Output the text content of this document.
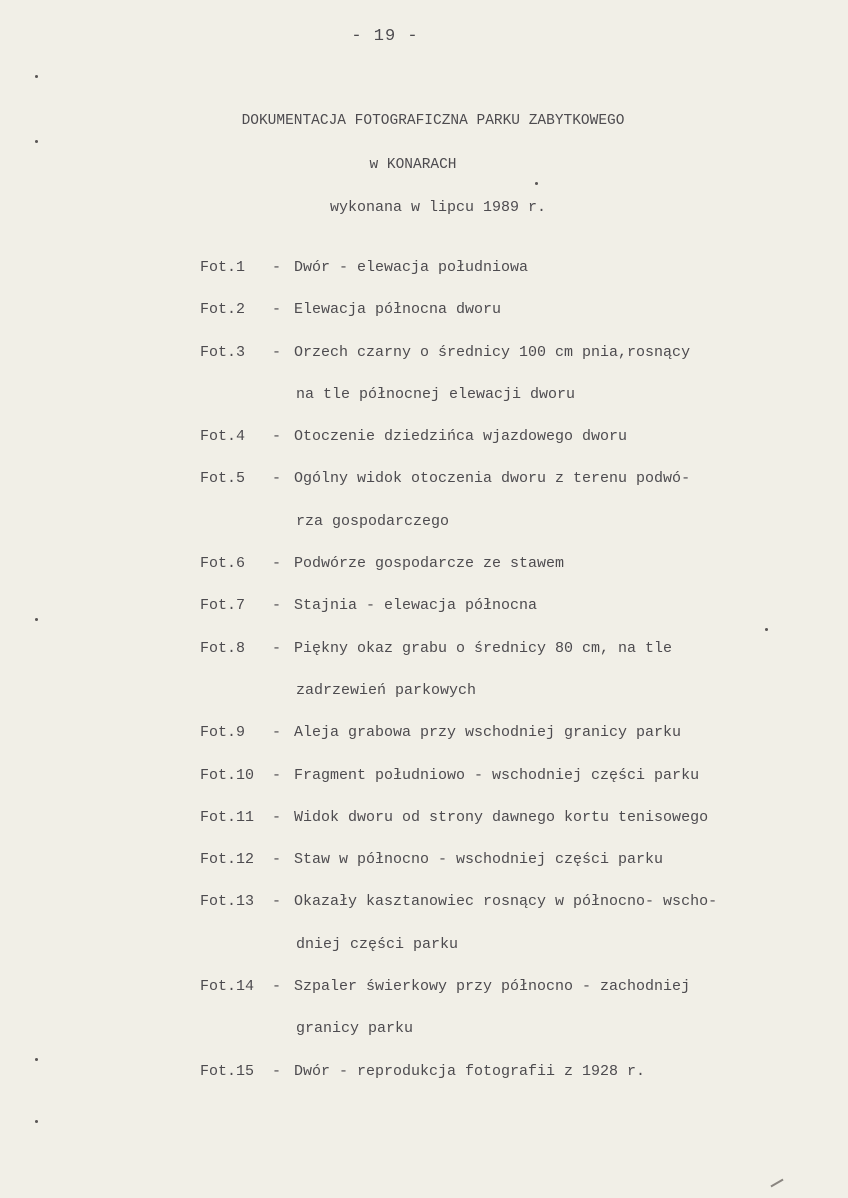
- 19 -
DOKUMENTACJA FOTOGRAFICZNA PARKU ZABYTKOWEGO
w KONARACH
wykonana w lipcu 1989 r.
Fot.1 - Dwór - elewacja południowa
Fot.2 - Elewacja północna dworu
Fot.3 - Orzech czarny o średnicy 100 cm pnia,rosnący
na tle północnej elewacji dworu
Fot.4 - Otoczenie dziedzińca wjazdowego dworu
Fot.5 - Ogólny widok otoczenia dworu z terenu podwó-
rza gospodarczego
Fot.6 - Podwórze gospodarcze ze stawem
Fot.7 - Stajnia - elewacja północna
Fot.8 - Piękny okaz grabu o średnicy 80 cm, na tle
zadrzewień parkowych
Fot.9 - Aleja grabowa przy wschodniej granicy parku
Fot.10 - Fragment południowo - wschodniej części parku
Fot.11 - Widok dworu od strony dawnego kortu tenisowego
Fot.12 - Staw w północno - wschodniej części parku
Fot.13 - Okazały kasztanowiec rosnący w północno- wscho-
dniej części parku
Fot.14 - Szpaler świerkowy przy północno - zachodniej
granicy parku
Fot.15 - Dwór - reprodukcja fotografii z 1928 r.
